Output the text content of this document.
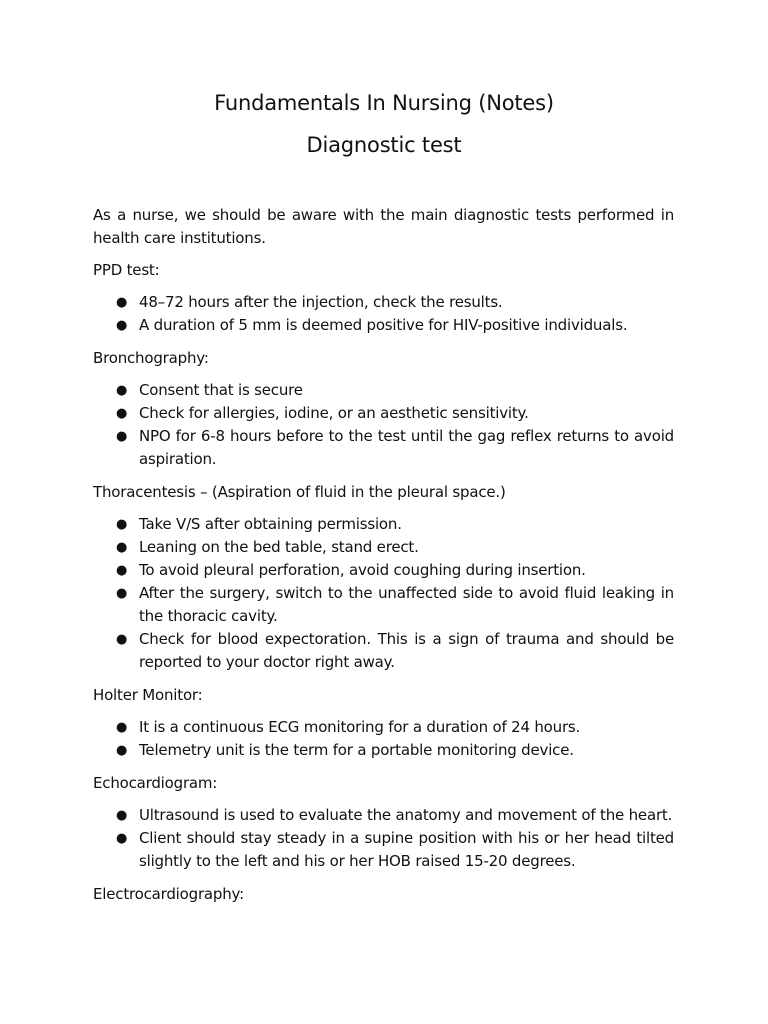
Fundamentals In Nursing (Notes)
Diagnostic test

As a nurse, we should be aware with the main diagnostic tests performed in health care institutions.

PPD test:

● 48–72 hours after the injection, check the results.
● A duration of 5 mm is deemed positive for HIV-positive individuals.

Bronchography:

● Consent that is secure
● Check for allergies, iodine, or an aesthetic sensitivity.
● NPO for 6-8 hours before to the test until the gag reflex returns to avoid aspiration.

Thoracentesis – (Aspiration of fluid in the pleural space.)

● Take V/S after obtaining permission.
● Leaning on the bed table, stand erect.
● To avoid pleural perforation, avoid coughing during insertion.
● After the surgery, switch to the unaffected side to avoid fluid leaking in the thoracic cavity.
● Check for blood expectoration. This is a sign of trauma and should be reported to your doctor right away.

Holter Monitor:

● It is a continuous ECG monitoring for a duration of 24 hours.
● Telemetry unit is the term for a portable monitoring device.

Echocardiogram:

● Ultrasound is used to evaluate the anatomy and movement of the heart.
● Client should stay steady in a supine position with his or her head tilted slightly to the left and his or her HOB raised 15-20 degrees.

Electrocardiography:
